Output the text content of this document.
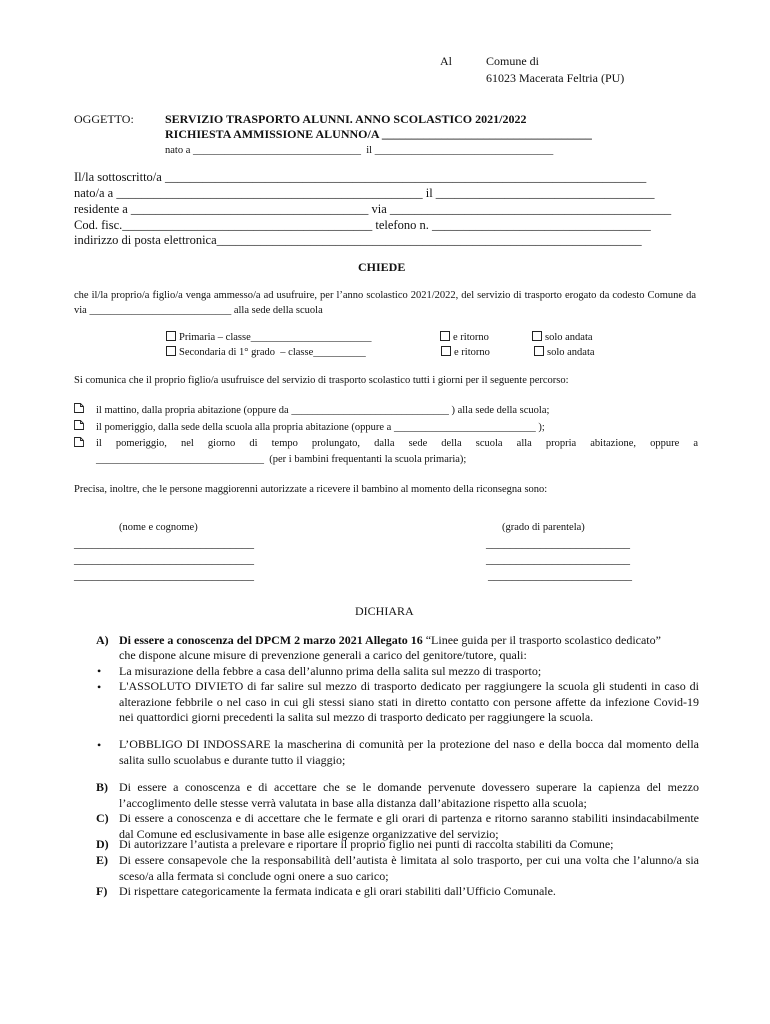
Al	Comune di
61023 Macerata Feltria (PU)
OGGETTO:	SERVIZIO TRASPORTO ALUNNI. ANNO SCOLASTICO 2021/2022
RICHIESTA AMMISSIONE ALUNNO/A ___________________________________
nato a ________________________________  il __________________________________
Il/la sottoscritto/a _____________________________________________________________________________
nato/a a _________________________________________________ il ___________________________________
residente a ______________________________________ via _____________________________________________
Cod. fisc.________________________________________ telefono n. ___________________________________
indirizzo di posta elettronica____________________________________________________________________
CHIEDE
che il/la proprio/a figlio/a venga ammesso/a ad usufruire, per l’anno scolastico 2021/2022, del servizio di trasporto erogato da codesto Comune da via ___________________________ alla sede della scuola
Primaria – classe_______________________	e ritorno	solo andata
Secondaria di 1° grado  – classe__________	e ritorno	solo andata
Si comunica che il proprio figlio/a usufruisce del servizio di trasporto scolastico tutti i giorni per il seguente percorso:
il mattino, dalla propria abitazione (oppure da ______________________________ ) alla sede della scuola;
il pomeriggio, dalla sede della scuola alla propria abitazione (oppure a ___________________________ );
il pomeriggio, nel giorno di tempo prolungato, dalla sede della scuola alla propria abitazione, oppure a
________________________________  (per i bambini frequentanti la scuola primaria);
Precisa, inoltre, che le persone maggiorenni autorizzate a ricevere il bambino al momento della riconsegna sono:
(nome e cognome)	(grado di parentela)
______________________________
______________________________
______________________________
________________________
________________________
________________________
DICHIARA
A) Di essere a conoscenza del DPCM 2 marzo 2021 Allegato 16 “Linee guida per il trasporto scolastico dedicato”
che dispone alcune misure di prevenzione generali a carico del genitore/tutore, quali:
• La misurazione della febbre a casa dell’alunno prima della salita sul mezzo di trasporto;
• L'ASSOLUTO DIVIETO di far salire sul mezzo di trasporto dedicato per raggiungere la scuola gli studenti in caso di alterazione febbrile o nel caso in cui gli stessi siano stati in diretto contatto con persone affette da infezione Covid-19 nei quattordici giorni precedenti la salita sul mezzo di trasporto dedicato per raggiungere la scuola.
• L’OBBLIGO DI INDOSSARE la mascherina di comunità per la protezione del naso e della bocca dal momento della salita sullo scuolabus e durante tutto il viaggio;
B) Di essere a conoscenza e di accettare che se le domande pervenute dovessero superare la capienza del mezzo l’accoglimento delle stesse verrà valutata in base alla distanza dall’abitazione rispetto alla scuola;
C) Di essere a conoscenza e di accettare che le fermate e gli orari di partenza e ritorno saranno stabiliti insindacabilmente dal Comune ed esclusivamente in base alle esigenze organizzative del servizio;
D) Di autorizzare l’autista a prelevare e riportare il proprio figlio nei punti di raccolta stabiliti da Comune;
E) Di essere consapevole che la responsabilità dell’autista è limitata al solo trasporto, per cui una volta che l’alunno/a sia sceso/a alla fermata si conclude ogni onere a suo carico;
F) Di rispettare categoricamente la fermata indicata e gli orari stabiliti dall’Ufficio Comunale.
